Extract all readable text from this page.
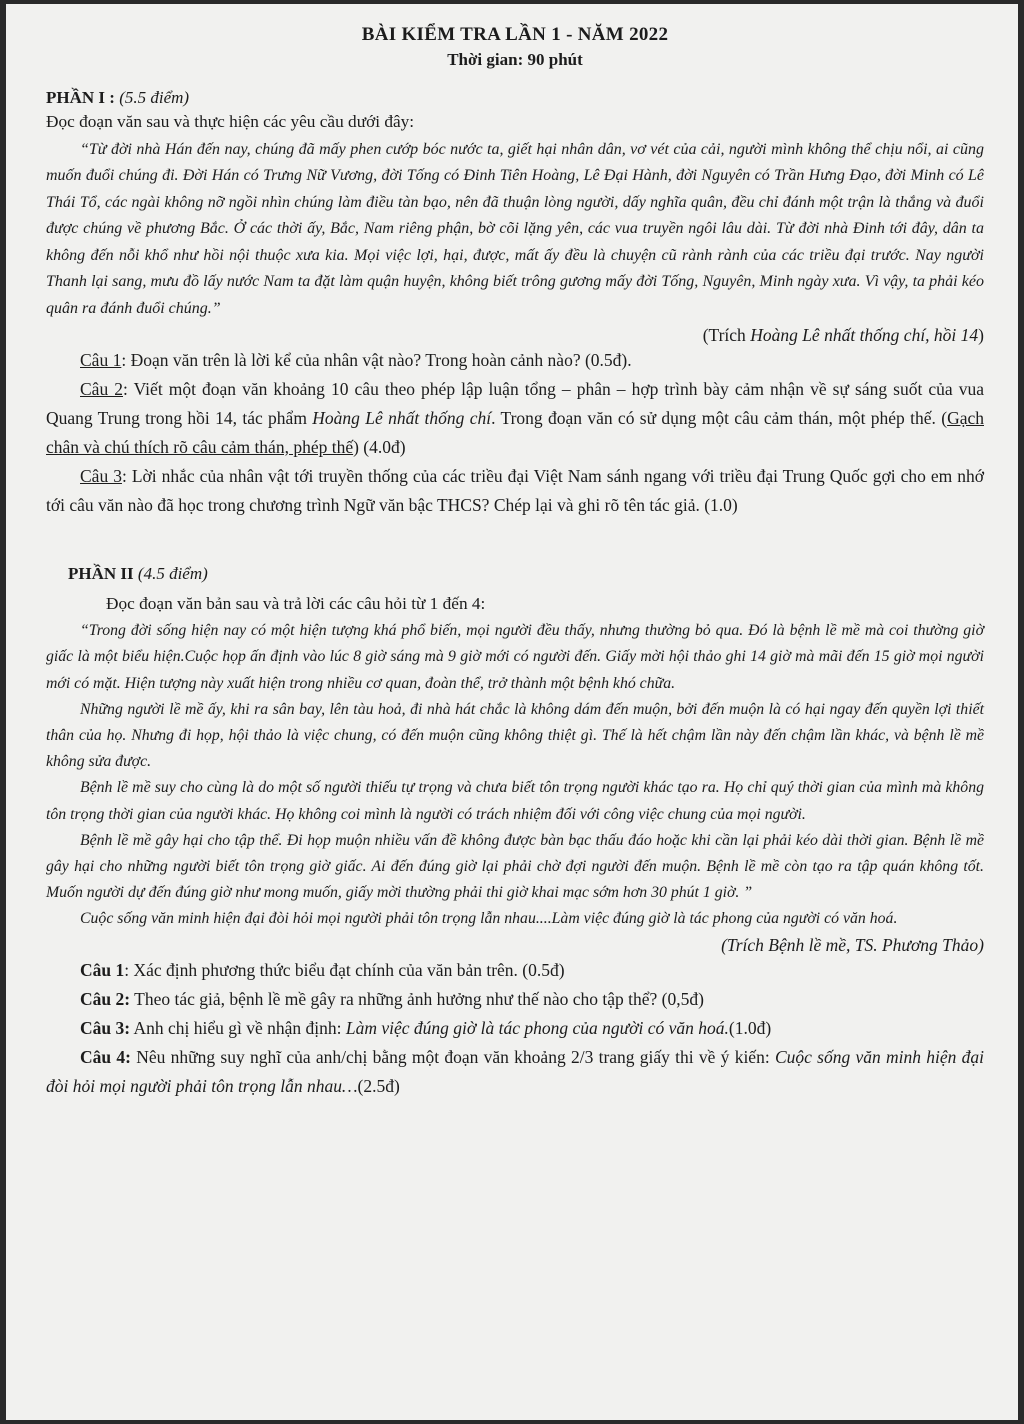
BÀI KIỂM TRA LẦN 1 - NĂM 2022
Thời gian: 90 phút
PHẦN I : (5.5 điểm)
Đọc đoạn văn sau và thực hiện các yêu cầu dưới đây:
“Từ đời nhà Hán đến nay, chúng đã mấy phen cướp bóc nước ta, giết hại nhân dân, vơ vét của cải, người mình không thể chịu nổi, ai cũng muốn đuổi chúng đi. Đời Hán có Trưng Nữ Vương, đời Tống có Đinh Tiên Hoàng, Lê Đại Hành, đời Nguyên có Trần Hưng Đạo, đời Minh có Lê Thái Tổ, các ngài không nỡ ngồi nhìn chúng làm điều tàn bạo, nên đã thuận lòng người, dấy nghĩa quân, đều chỉ đánh một trận là thắng và đuổi được chúng về phương Bắc. Ở các thời ấy, Bắc, Nam riêng phận, bờ cõi lặng yên, các vua truyền ngôi lâu dài. Từ đời nhà Đinh tới đây, dân ta không đến nỗi khổ như hồi nội thuộc xưa kia. Mọi việc lợi, hại, được, mất ấy đều là chuyện cũ rành rành của các triều đại trước. Nay người Thanh lại sang, mưu đồ lấy nước Nam ta đặt làm quận huyện, không biết trông gương mấy đời Tống, Nguyên, Minh ngày xưa. Vì vậy, ta phải kéo quân ra đánh đuổi chúng.”
(Trích Hoàng Lê nhất thống chí, hồi 14)
Câu 1: Đoạn văn trên là lời kể của nhân vật nào? Trong hoàn cảnh nào? (0.5đ).
Câu 2: Viết một đoạn văn khoảng 10 câu theo phép lập luận tổng – phân – hợp trình bày cảm nhận về sự sáng suốt của vua Quang Trung trong hồi 14, tác phẩm Hoàng Lê nhất thống chí. Trong đoạn văn có sử dụng một câu cảm thán, một phép thế. (Gạch chân và chú thích rõ câu cảm thán, phép thế) (4.0đ)
Câu 3: Lời nhắc của nhân vật tới truyền thống của các triều đại Việt Nam sánh ngang với triều đại Trung Quốc gợi cho em nhớ tới câu văn nào đã học trong chương trình Ngữ văn bậc THCS? Chép lại và ghi rõ tên tác giả. (1.0)
PHẦN II (4.5 điểm)
Đọc đoạn văn bản sau và trả lời các câu hỏi từ 1 đến 4:
“Trong đời sống hiện nay có một hiện tượng khá phổ biến, mọi người đều thấy, nhưng thường bỏ qua. Đó là bệnh lề mề mà coi thường giờ giấc là một biểu hiện.Cuộc họp ấn định vào lúc 8 giờ sáng mà 9 giờ mới có người đến. Giấy mời hội thảo ghi 14 giờ mà mãi đến 15 giờ mọi người mới có mặt. Hiện tượng này xuất hiện trong nhiều cơ quan, đoàn thể, trở thành một bệnh khó chữa.
Những người lề mề ấy, khi ra sân bay, lên tàu hoả, đi nhà hát chắc là không dám đến muộn, bởi đến muộn là có hại ngay đến quyền lợi thiết thân của họ. Nhưng đi họp, hội thảo là việc chung, có đến muộn cũng không thiệt gì. Thế là hết chậm lần này đến chậm lần khác, và bệnh lề mề không sửa được.
Bệnh lề mề suy cho cùng là do một số người thiếu tự trọng và chưa biết tôn trọng người khác tạo ra. Họ chỉ quý thời gian của mình mà không tôn trọng thời gian của người khác. Họ không coi mình là người có trách nhiệm đối với công việc chung của mọi người.
Bệnh lề mề gây hại cho tập thể. Đi họp muộn nhiều vấn đề không được bàn bạc thấu đáo hoặc khi cần lại phải kéo dài thời gian. Bệnh lề mề gây hại cho những người biết tôn trọng giờ giấc. Ai đến đúng giờ lại phải chờ đợi người đến muộn. Bệnh lề mề còn tạo ra tập quán không tốt. Muốn người dự đến đúng giờ như mong muốn, giấy mời thường phải thi giờ khai mạc sớm hơn 30 phút 1 giờ. ”
Cuộc sống văn minh hiện đại đòi hỏi mọi người phải tôn trọng lẫn nhau....Làm việc đúng giờ là tác phong của người có văn hoá.
(Trích Bệnh lề mề, TS. Phương Thảo)
Câu 1: Xác định phương thức biểu đạt chính của văn bản trên. (0.5đ)
Câu 2: Theo tác giả, bệnh lề mề gây ra những ảnh hưởng như thế nào cho tập thể? (0,5đ)
Câu 3: Anh chị hiểu gì về nhận định: Làm việc đúng giờ là tác phong của người có văn hoá.(1.0đ)
Câu 4: Nêu những suy nghĩ của anh/chị bằng một đoạn văn khoảng 2/3 trang giấy thi về ý kiến: Cuộc sống văn minh hiện đại đòi hỏi mọi người phải tôn trọng lẫn nhau…(2.5đ)
